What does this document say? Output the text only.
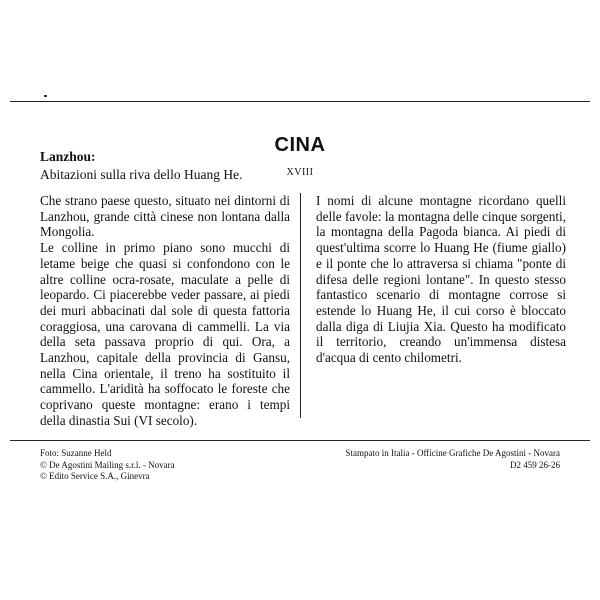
CINA
XVIII
Lanzhou:
Abitazioni sulla riva dello Huang He.
Che strano paese questo, situato nei dintorni di Lanzhou, grande città cinese non lontana dalla Mongolia.
Le colline in primo piano sono mucchi di letame beige che quasi si confondono con le altre colline ocra-rosate, maculate a pelle di leopardo. Ci piacerebbe veder passare, ai piedi dei muri abbacinati dal sole di questa fattoria coraggiosa, una carovana di cammelli. La via della seta passava proprio di qui. Ora, a Lanzhou, capitale della provincia di Gansu, nella Cina orientale, il treno ha sostituito il cammello. L'aridità ha soffocato le foreste che coprivano queste montagne: erano i tempi della dinastia Sui (VI secolo).
I nomi di alcune montagne ricordano quelli delle favole: la montagna delle cinque sorgenti, la montagna della Pagoda bianca. Ai piedi di quest'ultima scorre lo Huang He (fiume giallo) e il ponte che lo attraversa si chiama "ponte di difesa delle regioni lontane". In questo stesso fantastico scenario di montagne corrose si estende lo Huang He, il cui corso è bloccato dalla diga di Liujia Xia. Questo ha modificato il territorio, creando un'immensa distesa d'acqua di cento chilometri.
Foto: Suzanne Held
© De Agostini Mailing s.r.l. - Novara
© Edito Service S.A., Ginevra
Stampato in Italia - Officine Grafiche De Agostini - Novara
D2 459 26-26
